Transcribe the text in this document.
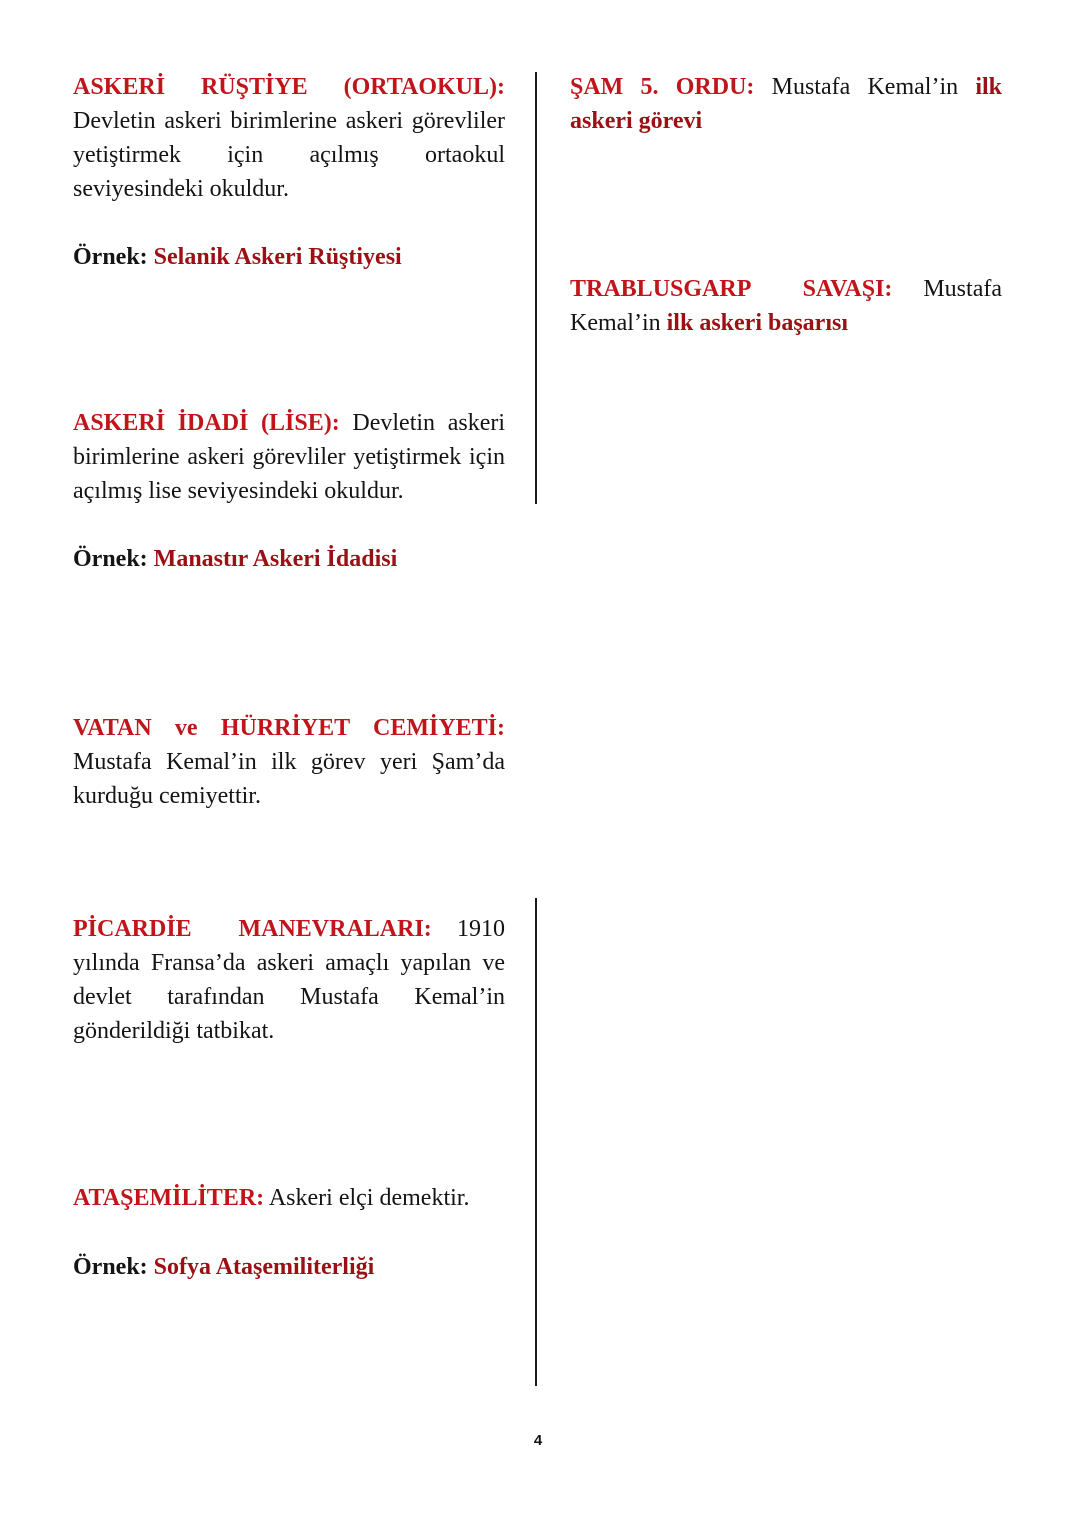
ASKERİ RÜŞTİYE (ORTAOKUL): Devletin askeri birimlerine askeri görevliler yetiştirmek için açılmış ortaokul seviyesindeki okuldur.
Örnek: Selanik Askeri Rüştiyesi
ASKERİ İDADİ (LİSE): Devletin askeri birimlerine askeri görevliler yetiştirmek için açılmış lise seviyesindeki okuldur.
Örnek: Manastır Askeri İdadisi
VATAN ve HÜRRİYET CEMİYETİ: Mustafa Kemal’in ilk görev yeri Şam’da kurduğu cemiyettir.
PİCARDİE MANEVRALARI: 1910 yılında Fransa’da askeri amaçlı yapılan ve devlet tarafından Mustafa Kemal’in gönderildiği tatbikat.
ATAŞEMİLİTER: Askeri elçi demektir.
Örnek: Sofya Ataşemiliterliği
ŞAM 5. ORDU: Mustafa Kemal’in ilk askeri görevi
TRABLUSGARP SAVAŞI: Mustafa Kemal’in ilk askeri başarısı
4
